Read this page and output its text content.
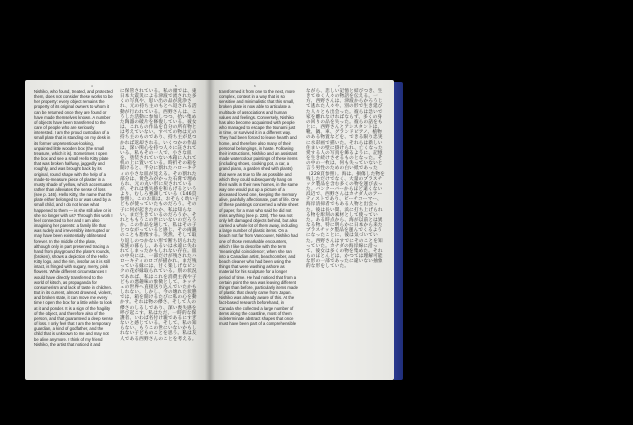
4	5
Nishiko, who found, treated, and protected them, does not consider these works to be her property: every object remains the property of its original owners to whom it can be returned once they are found or have made themselves known. A number of objects have been transferred to the care of people who are seriously interested. I am the proud custodian of a small plate that is standing on my desk in its former unpretentious-looking, unpainted little wooden box (the small treasure, which it is). Sometimes I open the box and see a small Hello Kitty plate that was broken halfway, jaggedly and roughly, and was brought back by its original, round shape with the help of a made-to-measure piece of plaster in a musty shade of yellow, which accentuates rather than alleviates the sense of loss (see p. 146). Hello Kitty, the name that the plate either belonged to or was used by a small child, and I do not know what happened to them — is she still alive or is she no longer with us? Through this work I feel connected to her and I am also imagining her parents: a family life that was rudely and irreversibly interrupted or may have been existentially obliterated forever. In the middle of the plate, although only in part preserved tracing a hand from playground the plate's rounds, (broken), shows a depiction of the Hello Kitty logo, and the rim, insofar as it is still intact, is fringed with sugary, merry, pink flowers. While different circumstances I would have directly transferred to the world of kitsch, as propaganda for consumerism and lack of taste in children. But in its current, almost drowned, violent, and broken state, it can move me every time I open the box for a little while to look at it and ponder. It is a sign of the fragility of the object, and therefore also of the person, and that guaranteed a deep sense of loss. I only feel that I am the temporary guardian, a kind of godfather, and the child that is unknown to me and may not be alive anymore. I think of my friend Nishiko, the artist that noticed it and
に保管されている。私の頭では、東日本大震災による津波で流された多くの写真や、思い出の品が洗浄され、元の持ち主のもとへ返される活動が行われている。西野さんは、こうした活動に参加しつつ、拾い集めた陶器の破片を修復している。彼女は、これらの作品を自分の所有物とは考えていない。すべての物は元の持ち主のものであり、持ち主が見つかれば返却される。いくつかの作品は、深い関心を持つ人々に託されている。私もその一人で、小さな皿を、塗装されていない木箱に入れて机の上に置いている。時折その箱を開けると、半分に割れたハローキティの小さな皿が見える。その割れた部分は、黄色みがかった石膏で埋められ、元の丸い形に戻されているが、それは喪失感を和らげるというより、むしろ強調している（146頁参照）。このお皿は、おそらく幼い子どもが使っていたものだろう。その子に何が起きたのか、私は知らない。まだ生きているのだろうか、それとももうこの世にいないのだろうか。この作品を通して、私はその子とつながっていると感じ、その両親のことも想像する。突然、そして取り返しのつかない形で断ち切られた家族の暮らし、あるいは永遠に失われてしまったかもしれない存在。皿の中央には、一部だけが残されたハローキティのロゴが描かれ、まだ残っている縁には、甘く楽しげなピンクの花が縁取られている。別の状況であれば、私はこれを消費主義や子どもの悪趣味の象徴として、キッチュの世界へ直接送り込んでいたかもしれない。しかし、今の壊れた状態では、箱を開けるたびに私の心を動かす。それは物の儚さ、そして人の儚さのしるしであり、深い喪失感を呼び起こす。私はただ、一時的な保護者、いわば名付け親であるにすぎないと感じている。そして、私の知らない、もうこの世にいないかもしれない子どものことを思う。私は友人である西野さんのことを考える。
6	7
transformed it from one to the next, more complex, context in a way that is so sensitive and minimalistic that this small, broken plate is now able to articulate a multitude of associations and human values and feelings. Conversely, Nishiko has also become acquainted with people who managed to escape the tsunami just in time, or survived it in a different way. They had been forced to leave hearth and home, and therefore also many of their personal belongings, in haste. Following their instructions, Nishiko and an assistant made watercolour paintings of these items (including shoes, cooking pot, a car, a grand piano, a garden shed with plants) that were as true to life as possible and which they could subsequently hang on their walls in their new homes, in the same way one would put up a picture of a deceased loved one, keeping the memory alive, painfully affectionate, part of life. One of these paintings concerned a white sheet of paper, for a man who said he did not miss anything (see p. 228). The sea not only left damaged objects behind, but also carried a whole lot of them away, including a large number of plastic items. On a beach not far from Vancouver, Nishiko had one of those remarkable encounters, which I like to describe with the term 'meaningful coincidence', when she ran into a Canadian artist, beachcomber, and beach cleaner who had been using the things that were washing ashore as material for his sculpture for a longer period of time. He had noticed that from a certain point the sea was leaving different things than before, particularly items made of plastic that clearly came from Japan. Nishiko was already aware of this. At the fact-based research beforehand, in Canada she collected a large number of items along the coastline, most of them indeterminate abstract shapes that once must have been part of a comprehensible
ながら、悲しい記憶と結びつき、生きてゆく人々の物語を伝える。一方、西野さんは、津波からかろうじて逃れた人々や、別の形で生き延びた人々とも出会った。彼らは急いで家を離れなければならず、多くの身の回りの品を失った。彼らの話をもとに、西野さんとアシスタントは、靴、鍋、車、グランドピアノ、植物のある物置などを、できる限り忠実に水彩画で描いた。それらは新しい住まいの壁に掛けられ、亡くなった愛する人の写真を飾るように、記憶を生き続けさせるものとなった。その中の一枚は、何も失っていないと言う男性のための白い紙であった（228頁参照）。海は、損傷した物を残しただけでなく、大量のプラスチック製品を含む多くの物を運び去った。バンクーバーからほど遠くない浜辺で、西野さんはカナダ人のアーティストであり、ビーチコーマー、海岸清掃者でもある人物と出会った。彼は長い間、浜に打ち上げられる物を彫刻の素材として使っていた。ある時点から、海が以前とは異なる物、特に明らかに日本から来たプラスチック製品を運んでくるようになったことに、彼は気づいていた。西野さんはすでにそのことを知っていた。カナダの海岸線に沿って、彼女は多くの物を集めた。それらのほとんどは、かつては理解可能な形の一部であったに違いない抽象的な形をしていた。
